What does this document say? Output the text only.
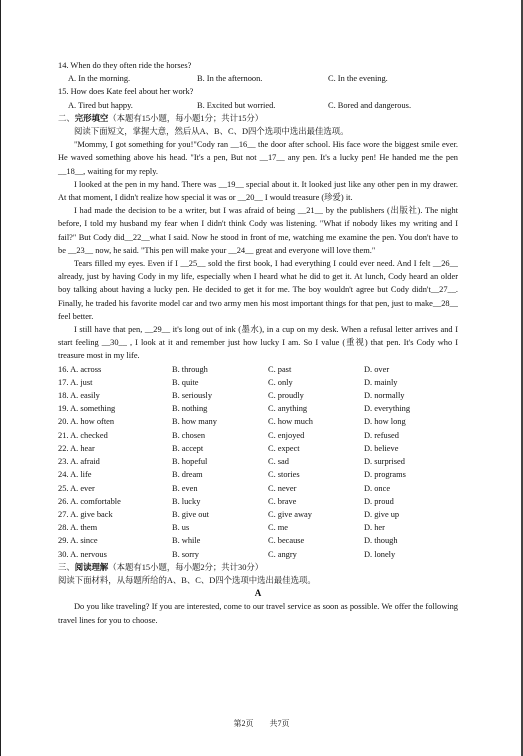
14. When do they often ride the horses?

A. In the morning.	B. In the afternoon.	C. In the evening.

15. How does Kate feel about her work?

A. Tired but happy.	B. Excited but worried.	C. Bored and dangerous.
二、完形填空（本题有15小题，每小题1分；共计15分）
阅读下面短文，掌握大意，然后从A、B、C、D四个选项中选出最佳选项。

"Mommy, I got something for you!"Cody ran __16__ the door after school. His face wore the biggest smile ever. He waved something above his head. "It's a pen, But not __17__ any pen. It's a lucky pen! He handed me the pen __18__, waiting for my reply.

I looked at the pen in my hand. There was __19__ special about it. It looked just like any other pen in my drawer. At that moment, I didn't realize how special it was or __20__ I would treasure (珍爱) it.

I had made the decision to be a writer, but I was afraid of being __21__ by the publishers (出版社). The night before, I told my husband my fear when I didn't think Cody was listening. "What if nobody likes my writing and I fail?" But Cody did__22__what I said. Now he stood in front of me, watching me examine the pen. You don't have to be __23__ now, he said. "This pen will make your __24__ great and everyone will love them."

Tears filled my eyes. Even if I __25__ sold the first book, I had everything I could ever need. And I felt __26__ already, just by having Cody in my life, especially when I heard what he did to get it. At lunch, Cody heard an older boy talking about having a lucky pen. He decided to get it for me. The boy wouldn't agree but Cody didn't__27__. Finally, he traded his favorite model car and two army men his most important things for that pen, just to make__28__ feel better.

I still have that pen, __29__ it's long out of ink (墨水), in a cup on my desk. When a refusal letter arrives and I start feeling __30__ , I look at it and remember just how lucky I am. So I value (重视) that pen. It's Cody who I treasure most in my life.

16. A. across	B. through	C. past	D. over
17. A. just	B. quite	C. only	D. mainly
18. A. easily	B. seriously	C. proudly	D. normally
19. A. something	B. nothing	C. anything	D. everything
20. A. how often	B. how many	C. how much	D. how long
21. A. checked	B. chosen	C. enjoyed	D. refused
22. A. hear	B. accept	C. expect	D. believe
23. A. afraid	B. hopeful	C. sad	D. surprised
24. A. life	B. dream	C. stories	D. programs
25. A. ever	B. even	C. never	D. once
26. A. comfortable	B. lucky	C. brave	D. proud
27. A. give back	B. give out	C. give away	D. give up
28. A. them	B. us	C. me	D. her
29. A. since	B. while	C. because	D. though
30. A. nervous	B. sorry	C. angry	D. lonely
三、阅读理解（本题有15小题，每小题2分；共计30分）
阅读下面材料，从每题所给的A、B、C、D四个选项中选出最佳选项。
A

Do you like traveling? If you are interested, come to our travel service as soon as possible. We offer the following travel lines for you to choose.

第2页　　共7页
